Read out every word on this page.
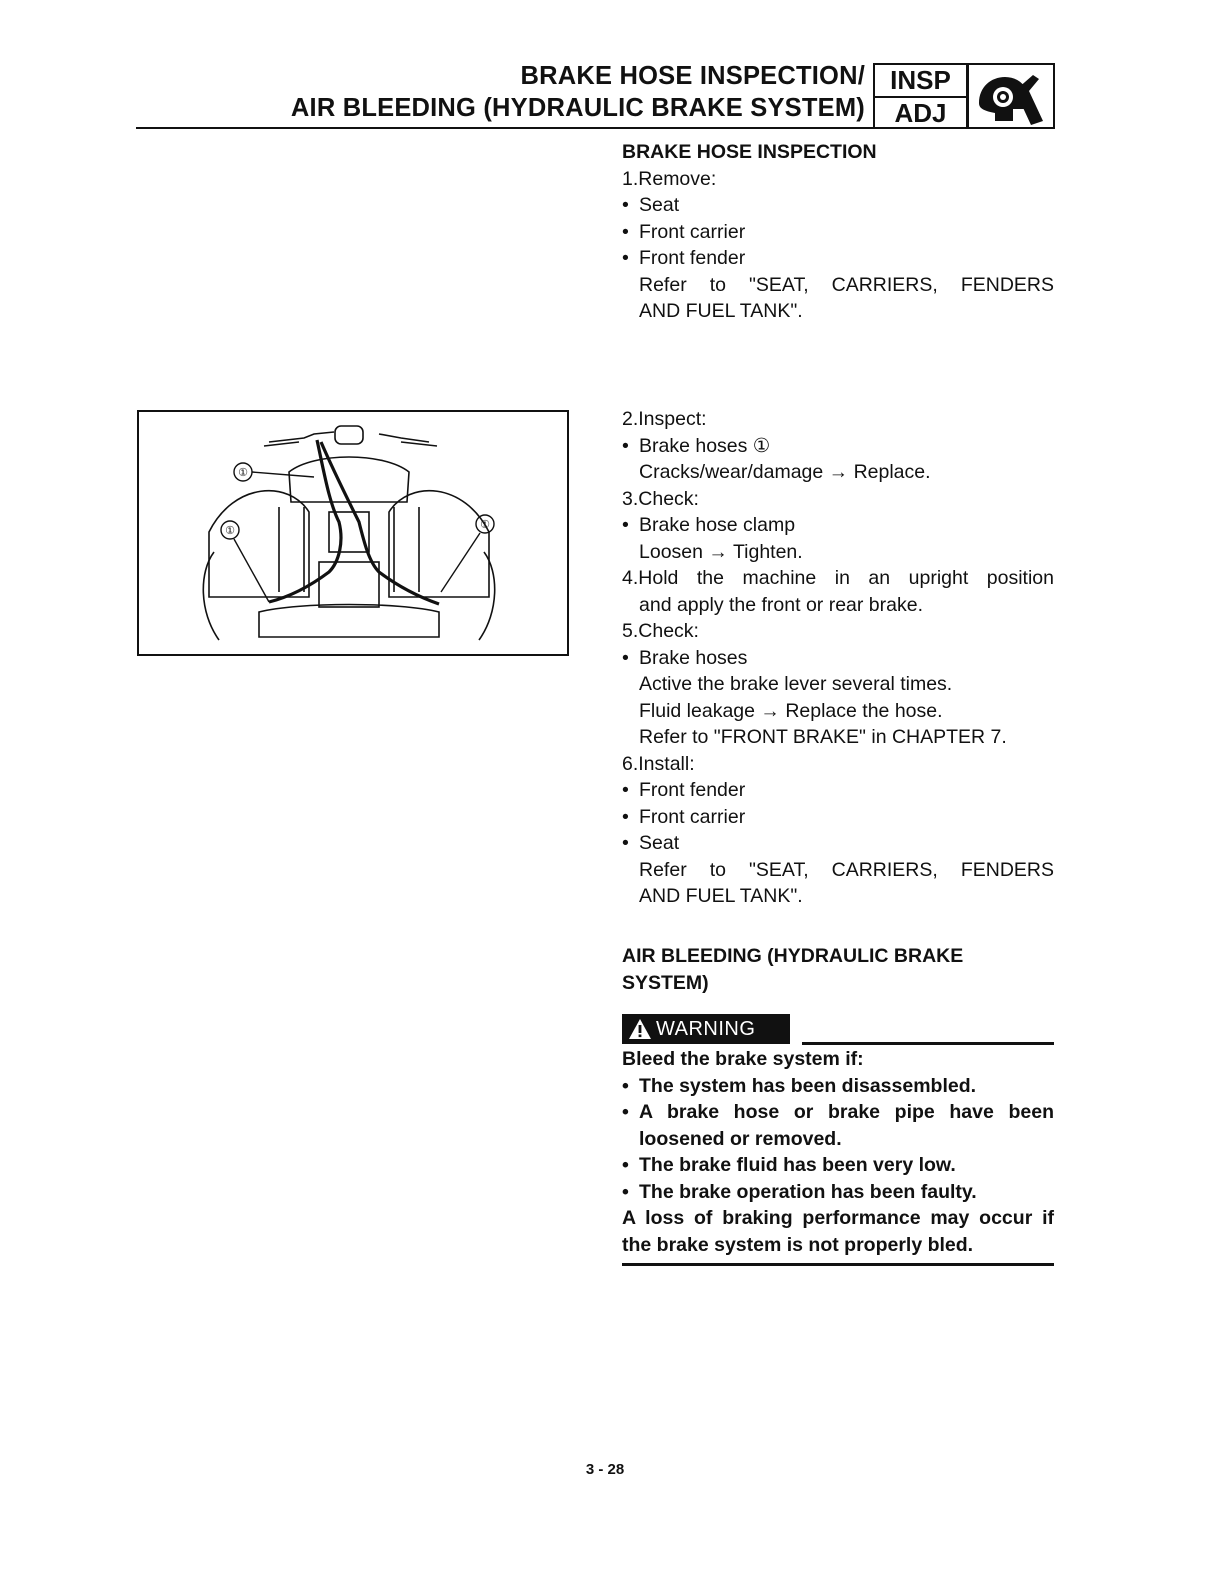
BRAKE HOSE INSPECTION/
AIR BLEEDING (HYDRAULIC BRAKE SYSTEM)
INSP
ADJ

BRAKE HOSE INSPECTION

1.Remove:

• Seat

• Front carrier

• Front fender

Refer to "SEAT, CARRIERS, FENDERS

AND FUEL TANK".

①
①	①

2.Inspect:

• Brake hoses ①

Cracks/wear/damage → Replace.

3.Check:

• Brake hose clamp

Loosen → Tighten.

4.Hold the machine in an upright position

and apply the front or rear brake.

5.Check:

• Brake hoses

Active the brake lever several times.

Fluid leakage → Replace the hose.

Refer to "FRONT BRAKE" in CHAPTER 7.

6.Install:

• Front fender

• Front carrier

• Seat

Refer to "SEAT, CARRIERS, FENDERS

AND FUEL TANK".

AIR BLEEDING (HYDRAULIC BRAKE

SYSTEM)

WARNING

Bleed the brake system if:

• The system has been disassembled.

• A brake hose or brake pipe have been

loosened or removed.

• The brake fluid has been very low.

• The brake operation has been faulty.

A loss of braking performance may occur if

the brake system is not properly bled.

3 - 28
